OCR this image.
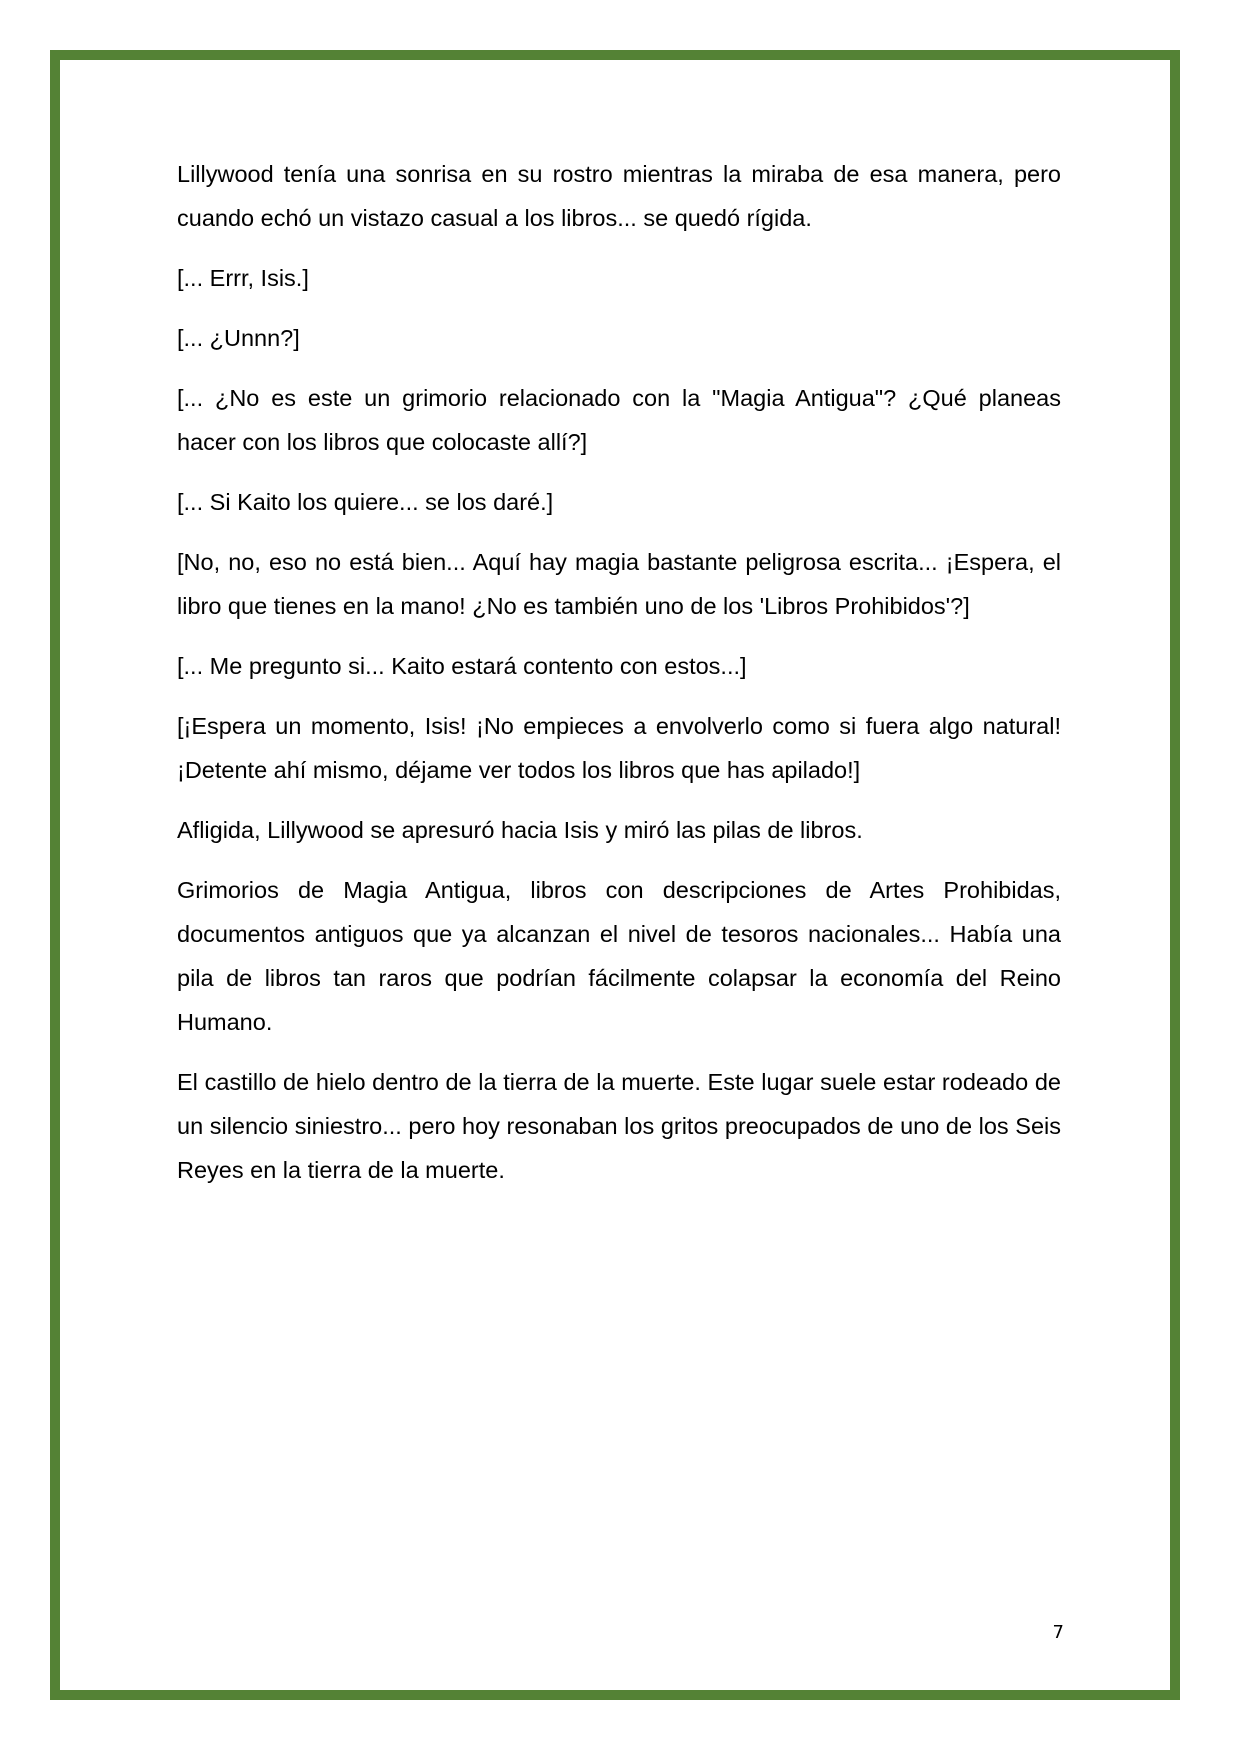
Lillywood tenía una sonrisa en su rostro mientras la miraba de esa manera, pero cuando echó un vistazo casual a los libros... se quedó rígida.

[... Errr, Isis.]

[... ¿Unnn?]

[... ¿No es este un grimorio relacionado con la "Magia Antigua"? ¿Qué planeas hacer con los libros que colocaste allí?]

[... Si Kaito los quiere... se los daré.]

[No, no, eso no está bien... Aquí hay magia bastante peligrosa escrita... ¡Espera, el libro que tienes en la mano! ¿No es también uno de los 'Libros Prohibidos'?]

[... Me pregunto si... Kaito estará contento con estos...]

[¡Espera un momento, Isis! ¡No empieces a envolverlo como si fuera algo natural! ¡Detente ahí mismo, déjame ver todos los libros que has apilado!]

Afligida, Lillywood se apresuró hacia Isis y miró las pilas de libros.

Grimorios de Magia Antigua, libros con descripciones de Artes Prohibidas, documentos antiguos que ya alcanzan el nivel de tesoros nacionales... Había una pila de libros tan raros que podrían fácilmente colapsar la economía del Reino Humano.

El castillo de hielo dentro de la tierra de la muerte. Este lugar suele estar rodeado de un silencio siniestro... pero hoy resonaban los gritos preocupados de uno de los Seis Reyes en la tierra de la muerte.

7
